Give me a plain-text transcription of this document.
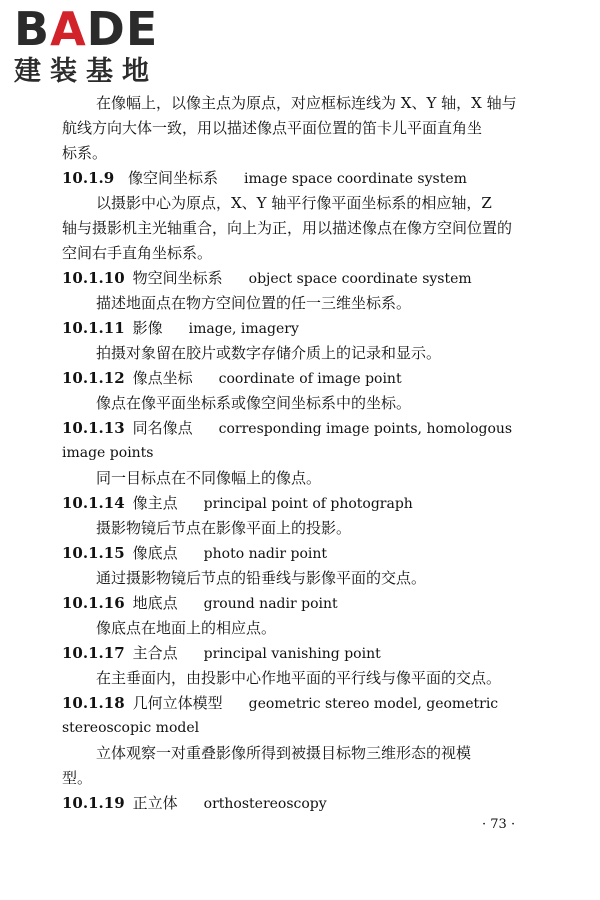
BADE
建装基地
在像幅上，以像主点为原点，对应框标连线为 X、Y 轴，X 轴与
航线方向大体一致，用以描述像点平面位置的笛卡儿平面直角坐
标系。
10.1.9 像空间坐标系 image space coordinate system
以摄影中心为原点，X、Y 轴平行像平面坐标系的相应轴，Z
轴与摄影机主光轴重合，向上为正，用以描述像点在像方空间位置的
空间右手直角坐标系。
10.1.10 物空间坐标系 object space coordinate system
描述地面点在物方空间位置的任一三维坐标系。
10.1.11 影像 image, imagery
拍摄对象留在胶片或数字存储介质上的记录和显示。
10.1.12 像点坐标 coordinate of image point
像点在像平面坐标系或像空间坐标系中的坐标。
10.1.13 同名像点 corresponding image points, homologous
image points
同一目标点在不同像幅上的像点。
10.1.14 像主点 principal point of photograph
摄影物镜后节点在影像平面上的投影。
10.1.15 像底点 photo nadir point
通过摄影物镜后节点的铅垂线与影像平面的交点。
10.1.16 地底点 ground nadir point
像底点在地面上的相应点。
10.1.17 主合点 principal vanishing point
在主垂面内，由投影中心作地平面的平行线与像平面的交点。
10.1.18 几何立体模型 geometric stereo model, geometric
stereoscopic model
立体观察一对重叠影像所得到被摄目标物三维形态的视模
型。
10.1.19 正立体 orthostereoscopy
· 73 ·
